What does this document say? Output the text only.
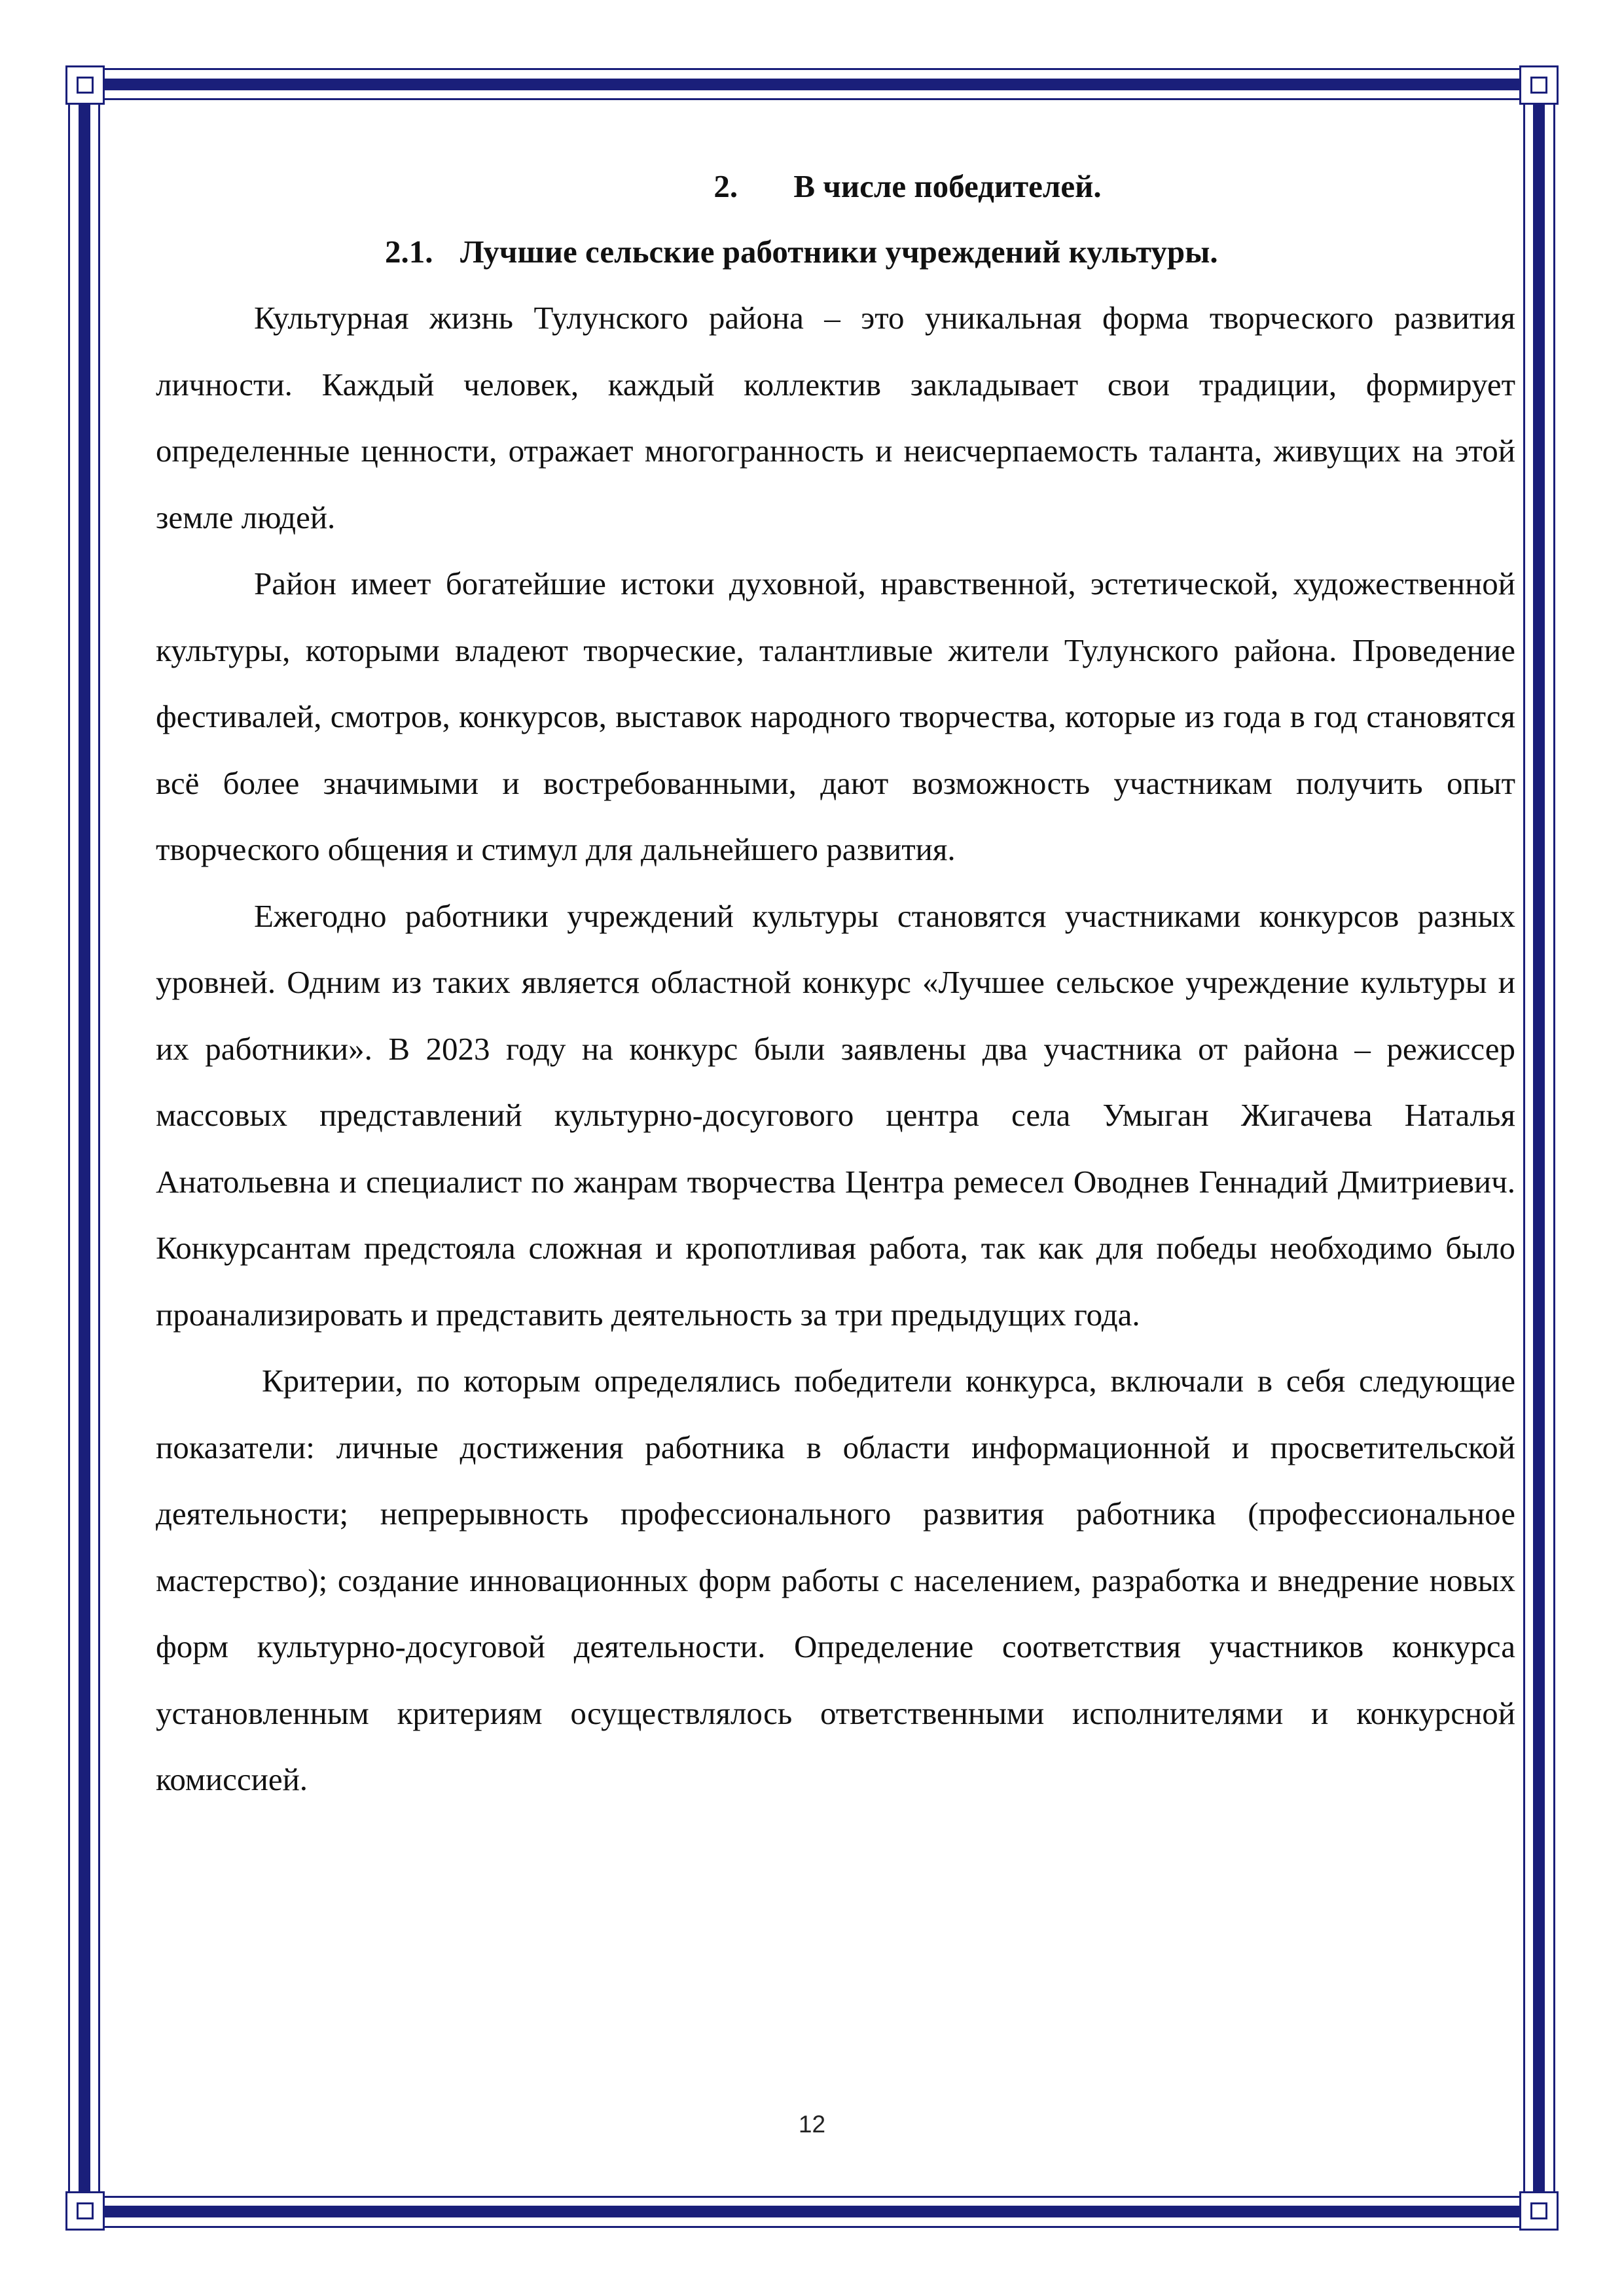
2. В числе победителей.
2.1. Лучшие сельские работники учреждений культуры.

Культурная жизнь Тулунского района – это уникальная форма творческого развития личности. Каждый человек, каждый коллектив закладывает свои традиции, формирует определенные ценности, отражает многогранность и неисчерпаемость таланта, живущих на этой земле людей.

Район имеет богатейшие истоки духовной, нравственной, эстетической, художественной культуры, которыми владеют творческие, талантливые жители Тулунского района. Проведение фестивалей, смотров, конкурсов, выставок народного творчества, которые из года в год становятся всё более значимыми и востребованными, дают возможность участникам получить опыт творческого общения и стимул для дальнейшего развития.

Ежегодно работники учреждений культуры становятся участниками конкурсов разных уровней. Одним из таких является областной конкурс «Лучшее сельское учреждение культуры и их работники». В 2023 году на конкурс были заявлены два участника от района – режиссер массовых представлений культурно-досугового центра села Умыган Жигачева Наталья Анатольевна и специалист по жанрам творчества Центра ремесел Оводнев Геннадий Дмитриевич. Конкурсантам предстояла сложная и кропотливая работа, так как для победы необходимо было проанализировать и представить деятельность за три предыдущих года.

Критерии, по которым определялись победители конкурса, включали в себя следующие показатели: личные достижения работника в области информационной и просветительской деятельности; непрерывность профессионального развития работника (профессиональное мастерство); создание инновационных форм работы с населением, разработка и внедрение новых форм культурно-досуговой деятельности. Определение соответствия участников конкурса установленным критериям осуществлялось ответственными исполнителями и конкурсной комиссией.

12
